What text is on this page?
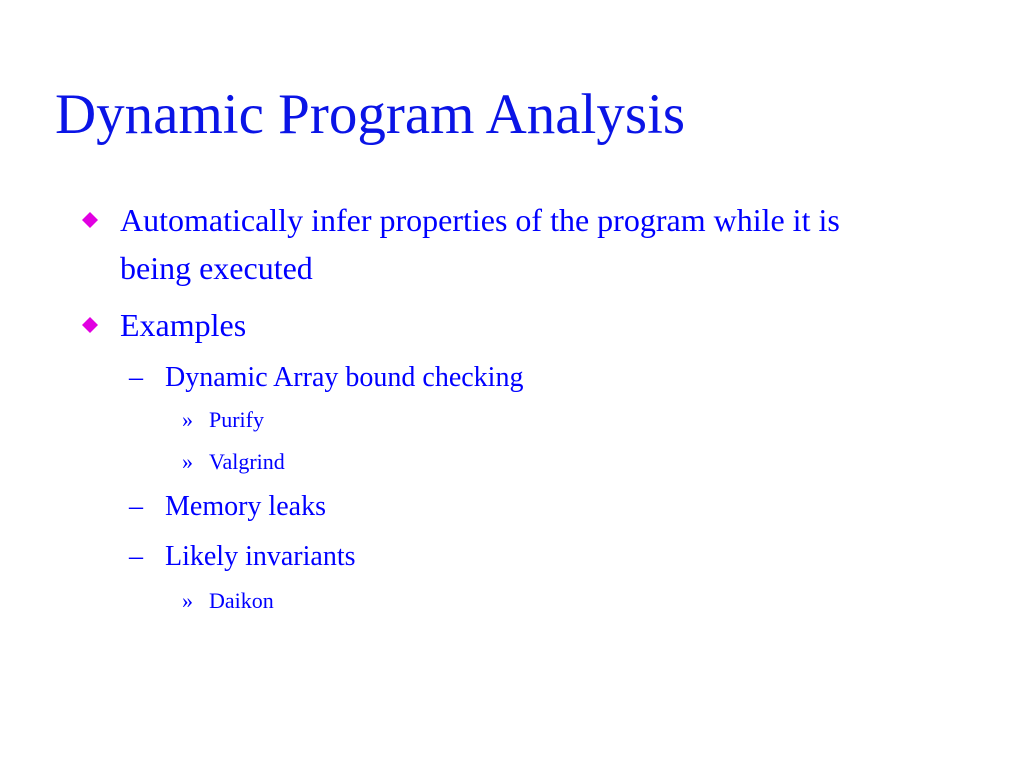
Dynamic Program Analysis
Automatically infer properties of the program while it is being executed
Examples
– Dynamic Array bound checking
» Purify
» Valgrind
– Memory leaks
– Likely invariants
» Daikon
